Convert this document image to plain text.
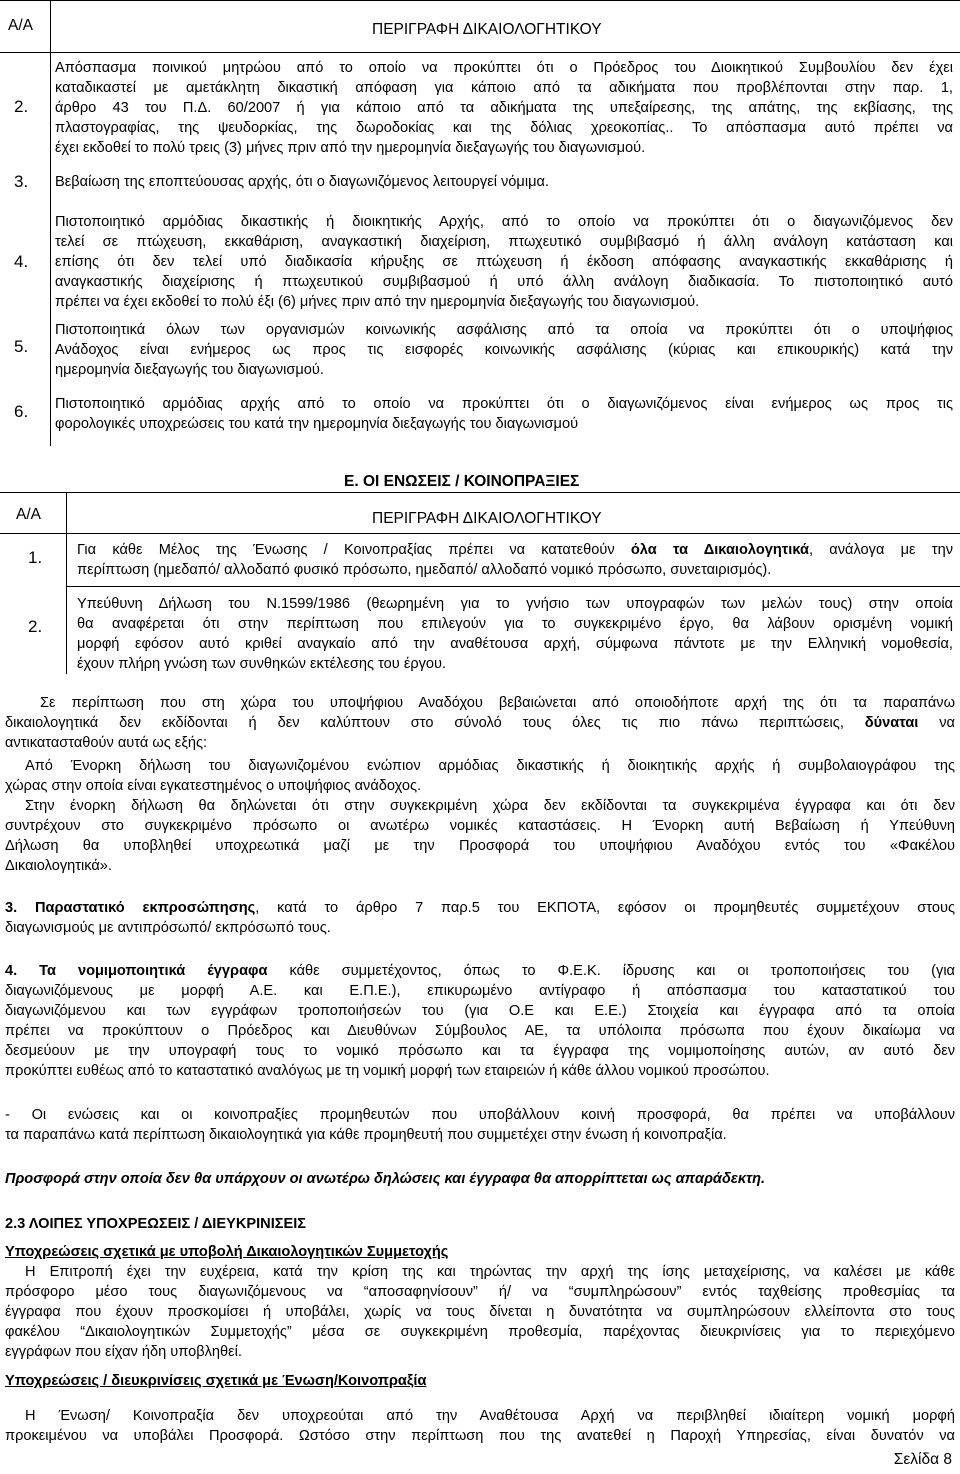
Α/Α	ΠΕΡΙΓΡΑΦΗ ΔΙΚΑΙΟΛΟΓΗΤΙΚΟΥ
2.
Απόσπασμα ποινικού μητρώου από το οποίο να προκύπτει ότι ο Πρόεδρος του Διοικητικού Συμβουλίου δεν έχει
καταδικαστεί με αμετάκλητη δικαστική απόφαση για κάποιο από τα αδικήματα που προβλέπονται στην παρ. 1,
άρθρο 43 του Π.Δ. 60/2007 ή για κάποιο από τα αδικήματα της υπεξαίρεσης, της απάτης, της εκβίασης, της
πλαστογραφίας, της ψευδορκίας, της δωροδοκίας και της δόλιας χρεοκοπίας.. Το απόσπασμα αυτό πρέπει να
έχει εκδοθεί το πολύ τρεις (3) μήνες πριν από την ημερομηνία διεξαγωγής του διαγωνισμού.
3. Βεβαίωση της εποπτεύουσας αρχής, ότι ο διαγωνιζόμενος λειτουργεί νόμιμα.
4.
Πιστοποιητικό αρμόδιας δικαστικής ή διοικητικής Αρχής, από το οποίο να προκύπτει ότι ο διαγωνιζόμενος δεν
τελεί σε πτώχευση, εκκαθάριση, αναγκαστική διαχείριση, πτωχευτικό συμβιβασμό ή άλλη ανάλογη κατάσταση και
επίσης ότι δεν τελεί υπό διαδικασία κήρυξης σε πτώχευση ή έκδοση απόφασης αναγκαστικής εκκαθάρισης ή
αναγκαστικής διαχείρισης ή πτωχευτικού συμβιβασμού ή υπό άλλη ανάλογη διαδικασία. Το πιστοποιητικό αυτό
πρέπει να έχει εκδοθεί το πολύ έξι (6) μήνες πριν από την ημερομηνία διεξαγωγής του διαγωνισμού.
5.
Πιστοποιητικά όλων των οργανισμών κοινωνικής ασφάλισης από τα οποία να προκύπτει ότι ο υποψήφιος
Ανάδοχος είναι ενήμερος ως προς τις εισφορές κοινωνικής ασφάλισης (κύριας και επικουρικής) κατά την
ημερομηνία διεξαγωγής του διαγωνισμού.
6. Πιστοποιητικό αρμόδιας αρχής από το οποίο να προκύπτει ότι ο διαγωνιζόμενος είναι ενήμερος ως προς τις
φορολογικές υποχρεώσεις του κατά την ημερομηνία διεξαγωγής του διαγωνισμού
Ε. ΟΙ ΕΝΩΣΕΙΣ / ΚΟΙΝΟΠΡΑΞΙΕΣ
Α/Α	ΠΕΡΙΓΡΑΦΗ ΔΙΚΑΙΟΛΟΓΗΤΙΚΟΥ
1. Για κάθε Μέλος της Ένωσης / Κοινοπραξίας πρέπει να κατατεθούν όλα τα Δικαιολογητικά, ανάλογα με την
περίπτωση (ημεδαπό/ αλλοδαπό φυσικό πρόσωπο, ημεδαπό/ αλλοδαπό νομικό πρόσωπο, συνεταιρισμός).
2.
Υπεύθυνη Δήλωση του Ν.1599/1986 (θεωρημένη για το γνήσιο των υπογραφών των μελών τους) στην οποία
θα αναφέρεται ότι στην περίπτωση που επιλεγούν για το συγκεκριμένο έργο, θα λάβουν ορισμένη νομική
μορφή εφόσον αυτό κριθεί αναγκαίο από την αναθέτουσα αρχή, σύμφωνα πάντοτε με την Ελληνική νομοθεσία,
έχουν πλήρη γνώση των συνθηκών εκτέλεσης του έργου.
Σε περίπτωση που στη χώρα του υποψήφιου Αναδόχου βεβαιώνεται από οποιοδήποτε αρχή της ότι τα παραπάνω
δικαιολογητικά δεν εκδίδονται ή δεν καλύπτουν στο σύνολό τους όλες τις πιο πάνω περιπτώσεις, δύναται να
αντικατασταθούν αυτά ως εξής:
Από Ένορκη δήλωση του διαγωνιζομένου ενώπιον αρμόδιας δικαστικής ή διοικητικής αρχής ή συμβολαιογράφου της
χώρας στην οποία είναι εγκατεστημένος ο υποψήφιος ανάδοχος.
Στην ένορκη δήλωση θα δηλώνεται ότι στην συγκεκριμένη χώρα δεν εκδίδονται τα συγκεκριμένα έγγραφα και ότι δεν
συντρέχουν στο συγκεκριμένο πρόσωπο οι ανωτέρω νομικές καταστάσεις. Η Ένορκη αυτή Βεβαίωση ή Υπεύθυνη
Δήλωση θα υποβληθεί υποχρεωτικά μαζί με την Προσφορά του υποψήφιου Αναδόχου εντός του «Φακέλου
Δικαιολογητικά».
3. Παραστατικό εκπροσώπησης, κατά το άρθρο 7 παρ.5 του ΕΚΠΟΤΑ, εφόσον οι προμηθευτές συμμετέχουν στους
διαγωνισμούς με αντιπρόσωπό/ εκπρόσωπό τους.
4. Τα νομιμοποιητικά έγγραφα κάθε συμμετέχοντος, όπως το Φ.Ε.Κ. ίδρυσης και οι τροποποιήσεις του (για
διαγωνιζόμενους με μορφή Α.Ε. και Ε.Π.Ε.), επικυρωμένο αντίγραφο ή απόσπασμα του καταστατικού του
διαγωνιζόμενου και των εγγράφων τροποποιήσεών του (για Ο.Ε και Ε.Ε.) Στοιχεία και έγγραφα από τα οποία
πρέπει να προκύπτουν ο Πρόεδρος και Διευθύνων Σύμβουλος ΑΕ, τα υπόλοιπα πρόσωπα που έχουν δικαίωμα να
δεσμεύουν με την υπογραφή τους το νομικό πρόσωπο και τα έγγραφα της νομιμοποίησης αυτών, αν αυτό δεν
προκύπτει ευθέως από το καταστατικό αναλόγως με τη νομική μορφή των εταιρειών ή κάθε άλλου νομικού προσώπου.
- Οι ενώσεις και οι κοινοπραξίες προμηθευτών που υποβάλλουν κοινή προσφορά, θα πρέπει να υποβάλλουν
τα παραπάνω κατά περίπτωση δικαιολογητικά για κάθε προμηθευτή που συμμετέχει στην ένωση ή κοινοπραξία.
Προσφορά στην οποία δεν θα υπάρχουν οι ανωτέρω δηλώσεις και έγγραφα θα απορρίπτεται ως απαράδεκτη.
2.3 ΛΟΙΠΕΣ ΥΠΟΧΡΕΩΣΕΙΣ / ΔΙΕΥΚΡΙΝΙΣΕΙΣ
Υποχρεώσεις σχετικά με υποβολή Δικαιολογητικών Συμμετοχής
Η Επιτροπή έχει την ευχέρεια, κατά την κρίση της και τηρώντας την αρχή της ίσης μεταχείρισης, να καλέσει με κάθε
πρόσφορο μέσο τους διαγωνιζόμενους να “αποσαφηνίσουν” ή/ να “συμπληρώσουν” εντός ταχθείσης προθεσμίας τα
έγγραφα που έχουν προσκομίσει ή υποβάλει, χωρίς να τους δίνεται η δυνατότητα να συμπληρώσουν ελλείποντα στο τους
φακέλου “Δικαιολογητικών Συμμετοχής” μέσα σε συγκεκριμένη προθεσμία, παρέχοντας διευκρινίσεις για το περιεχόμενο
εγγράφων που είχαν ήδη υποβληθεί.
Υποχρεώσεις / διευκρινίσεις σχετικά με Ένωση/Κοινοπραξία
Η Ένωση/ Κοινοπραξία δεν υποχρεούται από την Αναθέτουσα Αρχή να περιβληθεί ιδιαίτερη νομική μορφή
προκειμένου να υποβάλει Προσφορά. Ωστόσο στην περίπτωση που της ανατεθεί η Παροχή Υπηρεσίας, είναι δυνατόν να
Σελίδα 8
